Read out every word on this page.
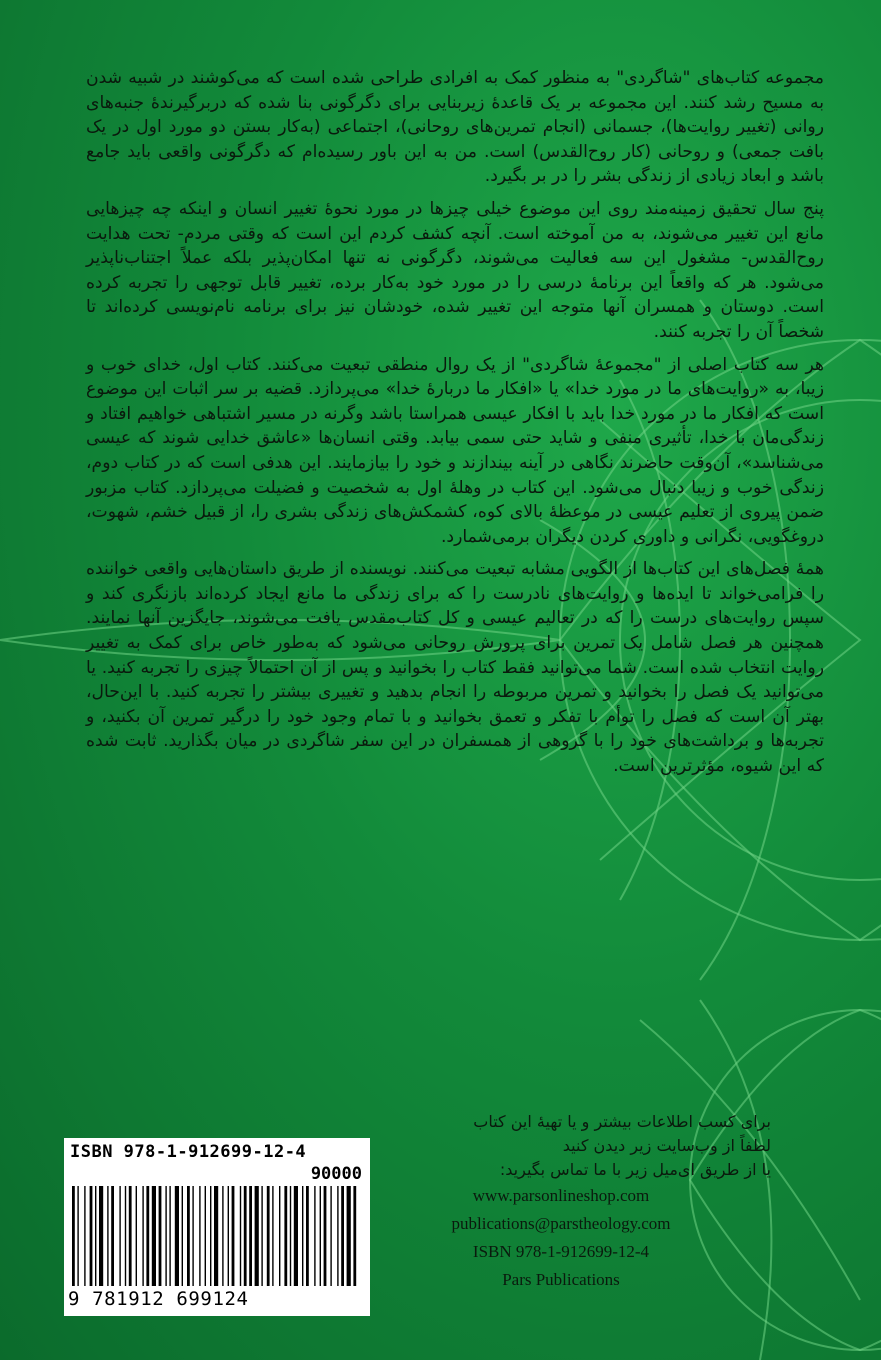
مجموعه کتاب‌های "شاگردی" به منظور کمک به افرادی طراحی شده است که می‌کوشند در شبیه شدن به مسیح رشد کنند. این مجموعه بر یک قاعدهٔ زیربنایی برای دگرگونی بنا شده که دربرگیرندهٔ جنبه‌های روانی (تغییر روایت‌ها)، جسمانی (انجام تمرین‌های روحانی)، اجتماعی (به‌کار بستن دو مورد اول در یک بافت جمعی) و روحانی (کار روح‌القدس) است. من به این باور رسیده‌ام که دگرگونی واقعی باید جامع باشد و ابعاد زیادی از زندگی بشر را در بر بگیرد.

پنج سال تحقیق زمینه‌مند روی این موضوع خیلی چیزها در مورد نحوهٔ تغییر انسان و اینکه چه چیزهایی مانع این تغییر می‌شوند، به من آموخته است. آنچه کشف کردم این است که وقتی مردم- تحت هدایت روح‌القدس- مشغول این سه فعالیت می‌شوند، دگرگونی نه تنها امکان‌پذیر بلکه عملاً اجتناب‌ناپذیر می‌شود. هر که واقعاً این برنامهٔ درسی را در مورد خود به‌کار برده، تغییر قابل توجهی را تجربه کرده است. دوستان و همسران آنها متوجه این تغییر شده، خودشان نیز برای برنامه نام‌نویسی کرده‌اند تا شخصاً آن را تجربه کنند.

هر سه کتاب اصلی از "مجموعهٔ شاگردی" از یک روال منطقی تبعیت می‌کنند. کتاب اول، خدای خوب و زیبا، به «روایت‌های ما در مورد خدا» یا «افکار ما دربارهٔ خدا» می‌پردازد. قضیه بر سر اثبات این موضوع است که افکار ما در مورد خدا باید با افکار عیسی همراستا باشد وگرنه در مسیر اشتباهی خواهیم افتاد و زندگی‌مان با خدا، تأثیری منفی و شاید حتی سمی بیابد. وقتی انسان‌ها «عاشق خدایی شوند که عیسی می‌شناسد»، آن‌وقت حاضرند نگاهی در آینه بیندازند و خود را بیازمایند. این هدفی است که در کتاب دوم، زندگی خوب و زیبا دنبال می‌شود. این کتاب در وهلهٔ اول به شخصیت و فضیلت می‌پردازد. کتاب مزبور ضمن پیروی از تعلیم عیسی در موعظهٔ بالای کوه، کشمکش‌های زندگی بشری را، از قبیل خشم، شهوت، دروغگویی، نگرانی و داوری کردن دیگران برمی‌شمارد.

همهٔ فصل‌های این کتاب‌ها از الگویی مشابه تبعیت می‌کنند. نویسنده از طریق داستان‌هایی واقعی خواننده را فرامی‌خواند تا ایده‌ها و روایت‌های نادرست را که برای زندگی ما مانع ایجاد کرده‌اند بازنگری کند و سپس روایت‌های درست را که در تعالیم عیسی و کل کتاب‌مقدس یافت می‌شوند، جایگزین آنها نمایند. همچنین هر فصل شامل یک تمرین برای پرورش روحانی می‌شود که به‌طور خاص برای کمک به تغییر روایت انتخاب شده است. شما می‌توانید فقط کتاب را بخوانید و پس از آن احتمالاً چیزی را تجربه کنید. یا می‌توانید یک فصل را بخوانید و تمرین مربوطه را انجام بدهید و تغییری بیشتر را تجربه کنید. با این‌حال، بهتر آن است که فصل را توأم با تفکر و تعمق بخوانید و با تمام وجود خود را درگیر تمرین آن بکنید، و تجربه‌ها و برداشت‌های خود را با گروهی از همسفران در این سفر شاگردی در میان بگذارید. ثابت شده که این شیوه، مؤثرترین است.

برای کسب اطلاعات بیشتر و یا تهیهٔ این کتاب
لطفاً از وب‌سایت زیر دیدن کنید
یا از طریق ای‌میل زیر با ما تماس بگیرید:
www.parsonlineshop.com
publications@parstheology.com
ISBN 978-1-912699-12-4
Pars Publications
ISBN 978-1-912699-12-4
90000
9 781912 699124
